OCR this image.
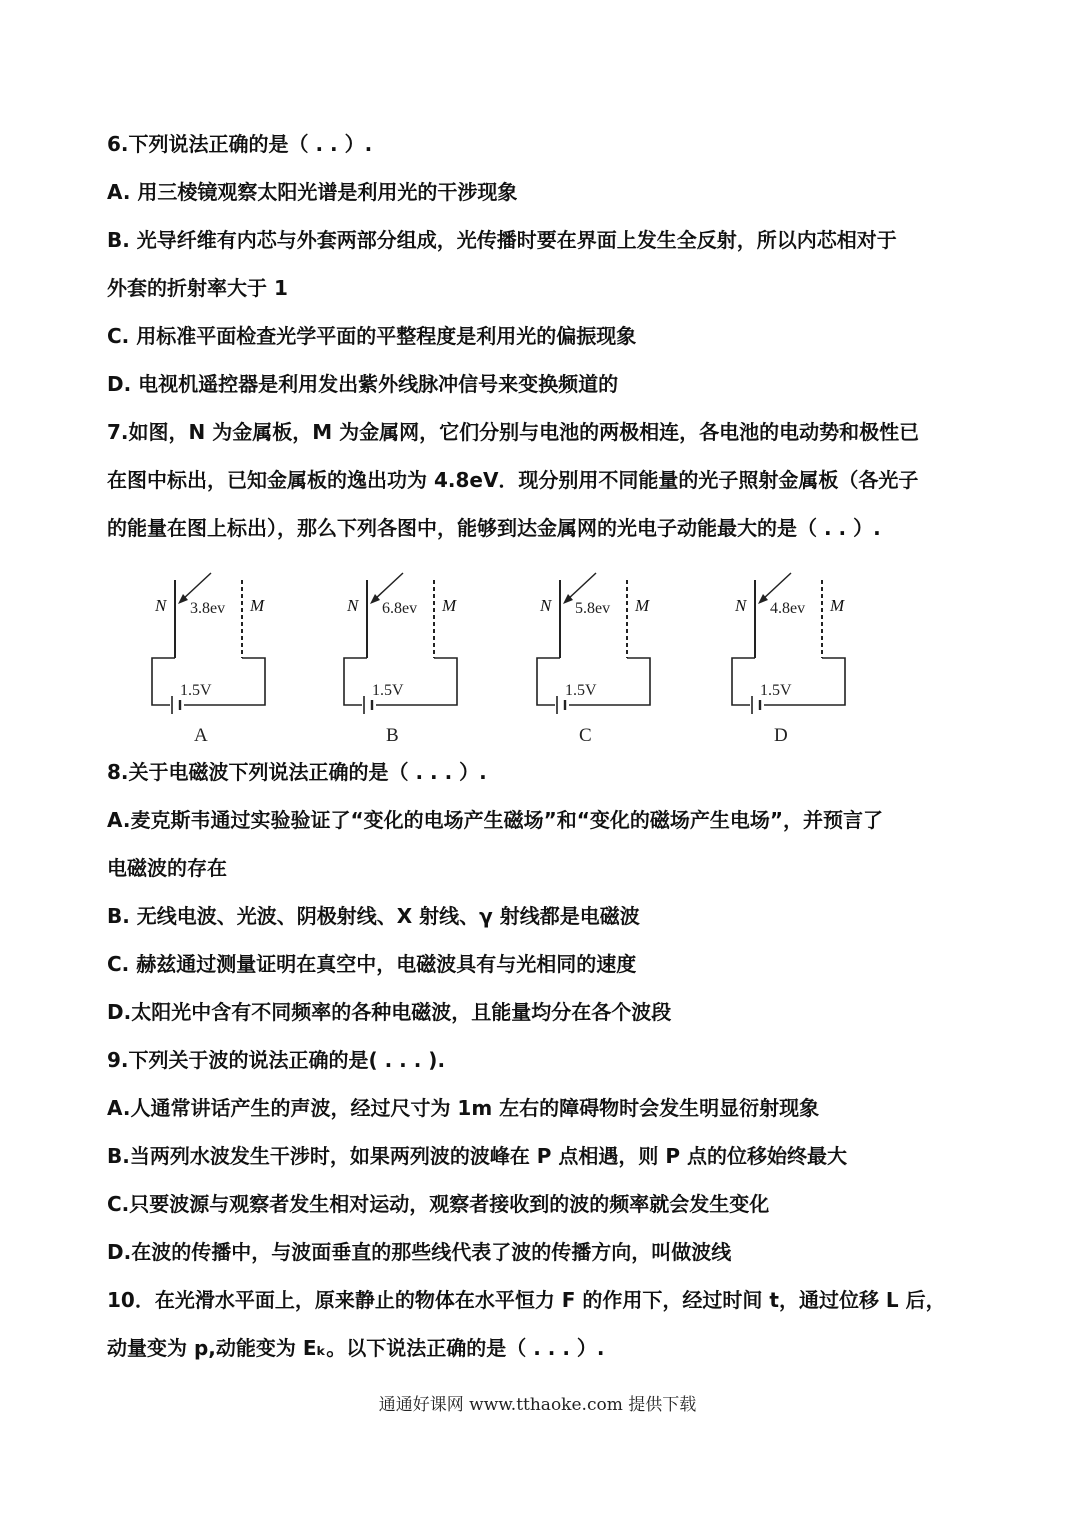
6.下列说法正确的是（ . . ）.
A. 用三棱镜观察太阳光谱是利用光的干涉现象
B. 光导纤维有内芯与外套两部分组成，光传播时要在界面上发生全反射，所以内芯相对于
外套的折射率大于 1
C. 用标准平面检查光学平面的平整程度是利用光的偏振现象
D. 电视机遥控器是利用发出紫外线脉冲信号来变换频道的
7.如图，N 为金属板，M 为金属网，它们分别与电池的两极相连，各电池的电动势和极性已
在图中标出，已知金属板的逸出功为 4.8eV．现分别用不同能量的光子照射金属板（各光子
的能量在图上标出），那么下列各图中，能够到达金属网的光电子动能最大的是（ . . ）.
8.关于电磁波下列说法正确的是（ . . . ）.
A.麦克斯韦通过实验验证了“变化的电场产生磁场”和“变化的磁场产生电场”，并预言了
电磁波的存在
B. 无线电波、光波、阴极射线、X 射线、γ 射线都是电磁波
C. 赫兹通过测量证明在真空中，电磁波具有与光相同的速度
D.太阳光中含有不同频率的各种电磁波，且能量均分在各个波段
9.下列关于波的说法正确的是( . . . ).
A.人通常讲话产生的声波，经过尺寸为 1m 左右的障碍物时会发生明显衍射现象
B.当两列水波发生干涉时，如果两列波的波峰在 P 点相遇，则 P 点的位移始终最大
C.只要波源与观察者发生相对运动，观察者接收到的波的频率就会发生变化
D.在波的传播中，与波面垂直的那些线代表了波的传播方向，叫做波线
10．在光滑水平面上，原来静止的物体在水平恒力 F 的作用下，经过时间 t，通过位移 L 后，
动量变为 p,动能变为 Eₖ。以下说法正确的是（ . . . ）.
N	M
3.8ev
1.5V
A
N	M
6.8ev
1.5V
B
N	M
5.8ev
1.5V
C
N	M
4.8ev
1.5V
D
通通好课网 www.tthaoke.com 提供下载
